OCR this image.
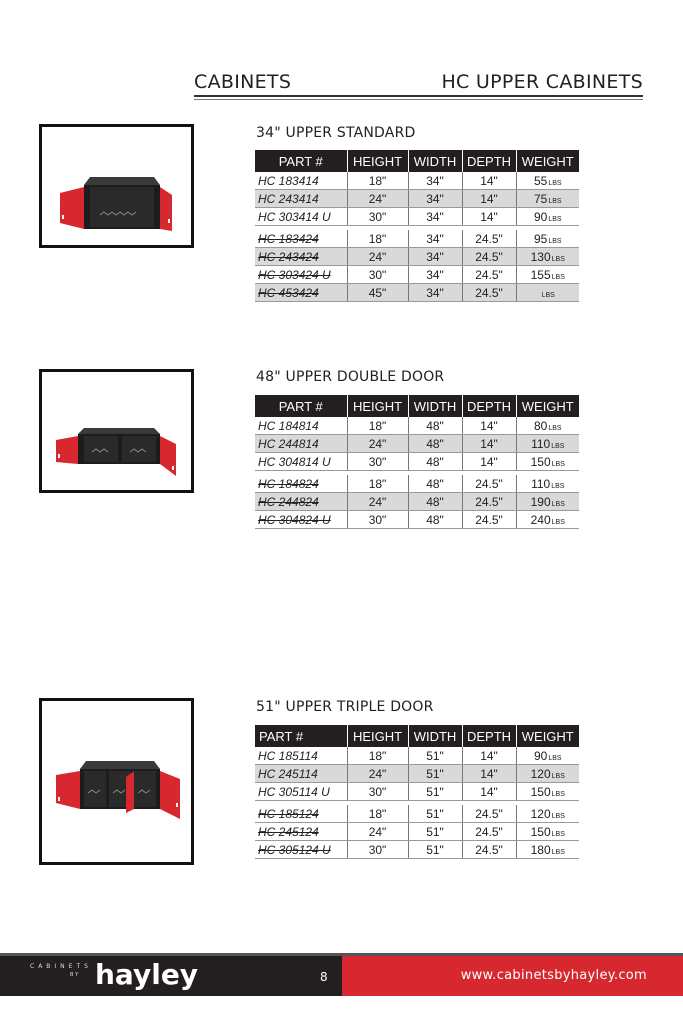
CABINETS	HC UPPER CABINETS
34" UPPER STANDARD
PART #	HEIGHT	WIDTH	DEPTH	WEIGHT
HC 183414	18"	34"	14"	55LBS
HC 243414	24"	34"	14"	75LBS
HC 303414 U	30"	34"	14"	90LBS

HC 183424	18"	34"	24.5"	95LBS
HC 243424	24"	34"	24.5"	130LBS
HC 303424 U	30"	34"	24.5"	155LBS
HC 453424	45"	34"	24.5"	LBS
48" UPPER DOUBLE DOOR
PART #	HEIGHT	WIDTH	DEPTH	WEIGHT
HC 184814	18"	48"	14"	80LBS
HC 244814	24"	48"	14"	110LBS
HC 304814 U	30"	48"	14"	150LBS

HC 184824	18"	48"	24.5"	110LBS
HC 244824	24"	48"	24.5"	190LBS
HC 304824 U	30"	48"	24.5"	240LBS
51" UPPER TRIPLE DOOR
PART #	HEIGHT	WIDTH	DEPTH	WEIGHT
HC 185114	18"	51"	14"	90LBS
HC 245114	24"	51"	14"	120LBS
HC 305114 U	30"	51"	14"	150LBS

HC 185124	18"	51"	24.5"	120LBS
HC 245124	24"	51"	24.5"	150LBS
HC 305124 U	30"	51"	24.5"	180LBS
CABINETS
BY hayley	8	www.cabinetsbyhayley.com
